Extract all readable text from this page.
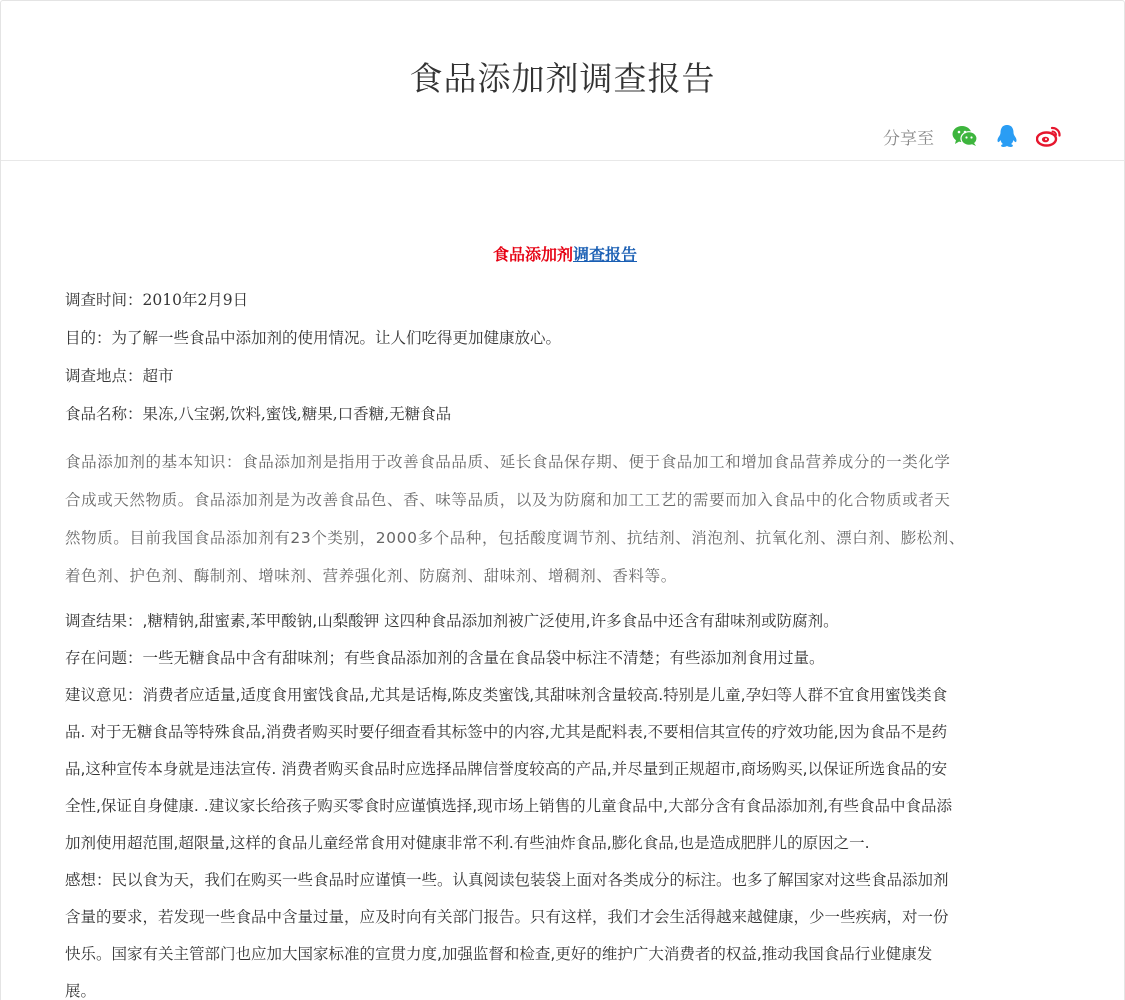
食品添加剂调查报告
分享至
食品添加剂调查报告
调查时间：2010年2月9日
目的：为了解一些食品中添加剂的使用情况。让人们吃得更加健康放心。
调查地点：超市
食品名称：果冻,八宝粥,饮料,蜜饯,糖果,口香糖,无糖食品
食品添加剂的基本知识：食品添加剂是指用于改善食品品质、延长食品保存期、便于食品加工和增加食品营养成分的一类化学
合成或天然物质。食品添加剂是为改善食品色、香、味等品质，以及为防腐和加工工艺的需要而加入食品中的化合物质或者天
然物质。目前我国食品添加剂有23个类别，2000多个品种，包括酸度调节剂、抗结剂、消泡剂、抗氧化剂、漂白剂、膨松剂、
着色剂、护色剂、酶制剂、增味剂、营养强化剂、防腐剂、甜味剂、增稠剂、香料等。
调查结果：,糖精钠,甜蜜素,苯甲酸钠,山梨酸钾 这四种食品添加剂被广泛使用,许多食品中还含有甜味剂或防腐剂。
存在问题：一些无糖食品中含有甜味剂；有些食品添加剂的含量在食品袋中标注不清楚；有些添加剂食用过量。
建议意见：消费者应适量,适度食用蜜饯食品,尤其是话梅,陈皮类蜜饯,其甜味剂含量较高.特别是儿童,孕妇等人群不宜食用蜜饯类食
品. 对于无糖食品等特殊食品,消费者购买时要仔细查看其标签中的内容,尤其是配料表,不要相信其宣传的疗效功能,因为食品不是药
品,这种宣传本身就是违法宣传. 消费者购买食品时应选择品牌信誉度较高的产品,并尽量到正规超市,商场购买,以保证所选食品的安
全性,保证自身健康. .建议家长给孩子购买零食时应谨慎选择,现市场上销售的儿童食品中,大部分含有食品添加剂,有些食品中食品添
加剂使用超范围,超限量,这样的食品儿童经常食用对健康非常不利.有些油炸食品,膨化食品,也是造成肥胖儿的原因之一.
感想：民以食为天，我们在购买一些食品时应谨慎一些。认真阅读包装袋上面对各类成分的标注。也多了解国家对这些食品添加剂
含量的要求，若发现一些食品中含量过量，应及时向有关部门报告。只有这样，我们才会生活得越来越健康，少一些疾病，对一份
快乐。国家有关主管部门也应加大国家标准的宣贯力度,加强监督和检查,更好的维护广大消费者的权益,推动我国食品行业健康发
展。
